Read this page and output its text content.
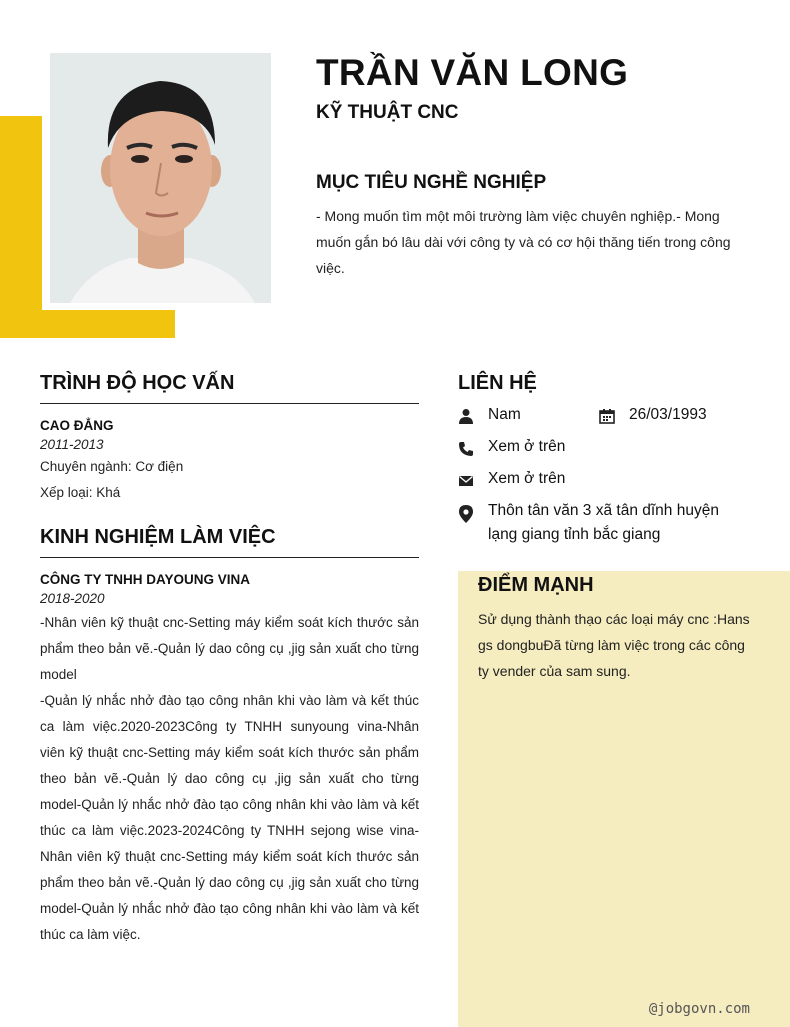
TRẦN VĂN LONG
KỸ THUẬT CNC
MỤC TIÊU NGHỀ NGHIỆP

- Mong muốn tìm một môi trường làm việc chuyên nghiệp.- Mong muốn gắn bó lâu dài với công ty và có cơ hội thăng tiến trong công việc.

TRÌNH ĐỘ HỌC VẤN

CAO ĐẲNG

2011-2013

Chuyên ngành: Cơ điện

Xếp loại: Khá

KINH NGHIỆM LÀM VIỆC

CÔNG TY TNHH DAYOUNG VINA

2018-2020

-Nhân viên kỹ thuật cnc-Setting máy kiểm soát kích thước sản phẩm theo bản vẽ.-Quản lý dao công cụ ,jig sản xuất cho từng model

-Quản lý nhắc nhở đào tạo công nhân khi vào làm và kết thúc ca làm việc.2020-2023Công ty TNHH sunyoung vina-Nhân viên kỹ thuật cnc-Setting máy kiểm soát kích thước sản phẩm theo bản vẽ.-Quản lý dao công cụ ,jig sản xuất cho từng model-Quản lý nhắc nhở đào tạo công nhân khi vào làm và kết thúc ca làm việc.2023-2024Công ty TNHH sejong wise vina-Nhân viên kỹ thuật cnc-Setting máy kiểm soát kích thước sản phẩm theo bản vẽ.-Quản lý dao công cụ ,jig sản xuất cho từng model-Quản lý nhắc nhở đào tạo công nhân khi vào làm và kết thúc ca làm việc.

LIÊN HỆ
Nam	26/03/1993
Xem ở trên
Xem ở trên
Thôn tân văn 3 xã tân dĩnh huyện lạng giang tỉnh bắc giang
ĐIỂM MẠNH

Sử dụng thành thạo các loại máy cnc :Hans gs dongbuĐã từng làm việc trong các công ty vender của sam sung.

@jobgovn.com
